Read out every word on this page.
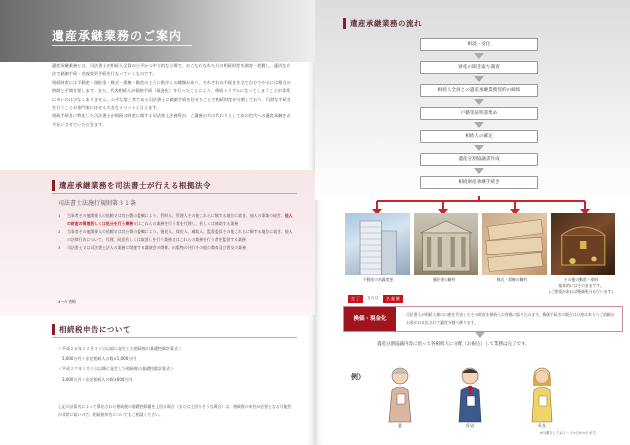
遺産承継業務のご案内

遺産承継業務とは、司法書士が相続人全員の公平かつ中立的な立場で、おこなわなれた方の相続財産を調査・把握し、適切な方法で価値手続・名義変更手続を行なっていくものです。

相続財産には不動産・預貯金・株式・債権・動産の上うに数多くの種類があり、それぞれの手続きを全て自分でやるには相当の時間と手間を要します。また、代表相続人が価格手続（現金化）を行ったことにより、相続トラブルになってしまうことが非常に多いのは少なくありません。公平な第三者である司法書士に価値手続を任せることで相続財産が分割しており、円滑な手続きを行うことが専門家に任せる大きなメリットと言えます。

相続手続きに特化した司法書士が相続の財産に関する司法書士法務所が、ご遺族の方の代わりとして次の世代への遺産承継をお手伝いさせていただきます。

遺産承継業務を司法書士が行える根拠法令
司法書士法施行規則第３１条
1	当事者その他関係人の依頼又は官公署の委嘱により、管財人、管理人その他これらに類する地位に就き、他人の事業の経営、他人の財産の管理若しくは処分を行う業務又はこれらの業務を行う者を代理し、若しくは補助する業務
2	当事者その他関係人の依頼又は官公署の委嘱により、後見人、保佐人、補助人、監督委員その他これらに類する地位に就き、他人の法律行為について、代理、同意若しくは取消しを行う業務又はこれらの業務を行う者を監督する業務
3	司法書士又は司法書士法人の業務に関連する講演会の開催、出版物の刊行その他の教育及び普及の業務
4〜5 省略
相続税申告について
＜平成２６年１２月３１日以前に発生した相続税の基礎控除計算式＞
5,000万円＋法定相続人の数×1,000万円
＜平成２７年１月１日以降に発生した相続税の基礎控除計算式＞
3,000万円＋法定相続人の数×600万円
上記の計算式によって算出された相続税の基礎控除額を上回る場合（または上回りそうな場合）は、相続税の申告が必要となる可能性が非常に高いので、相続税申告についてもご相談ください。
遺産承継業務の流れ
相談・受任
財産の聞き取り調査
相続人全員との遺産承継業務契約の締結
戸籍等証明書集め
相続人の確定
遺産分割協議書作成
相続財産承継手続き
不動産の名義変更	預貯金の解約	株式・債権の解約	その他の動産・家財
基本的にはそのままです。
(ご要望があれば換価処分も行います)
売 了	または	名 義 継
換価・現金化
司法書士が相続人様の口座を代表したその財産を相続人の皆様に振り込みます。換価手続きの場合は口座は本人へご依頼のお金がお支払されて遺産分割へ移ります。
遺産分割協議内容に沿って各相続人に分配（お振込）して業務は完了です。
例）
妻	長男	長女
※分割をしてお２〜３か月かかります。
